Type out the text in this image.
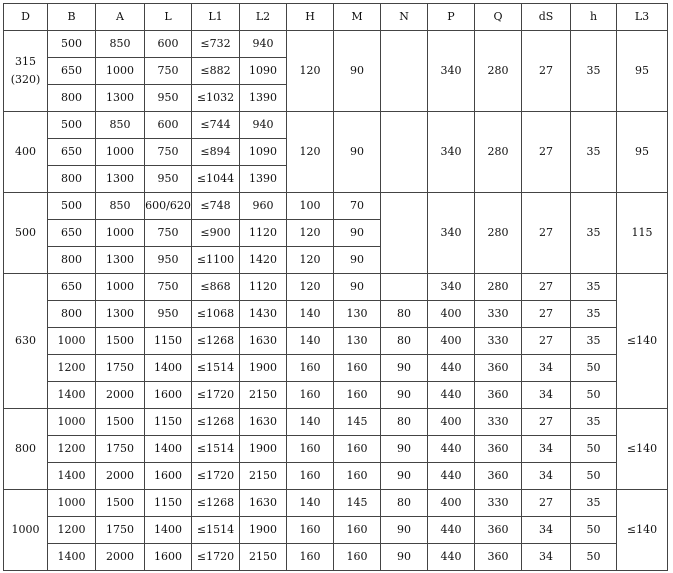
D	B	A	L	L1	L2	H	M	N	P	Q	dS	h	L3
315
(320)	500	850	600	≤732	940	120	90		340	280	27	35	95
	650	1000	750	≤882	1090								
	800	1300	950	≤1032	1390								
400	500	850	600	≤744	940	120	90		340	280	27	35	95
	650	1000	750	≤894	1090								
	800	1300	950	≤1044	1390								
500	500	850	600/620	≤748	960	100	70		340	280	27	35	115
	650	1000	750	≤900	1120	120	90						
	800	1300	950	≤1100	1420	120	90						
630	650	1000	750	≤868	1120	120	90		340	280	27	35	≤140
	800	1300	950	≤1068	1430	140	130	80	400	330	27	35	
	1000	1500	1150	≤1268	1630	140	130	80	400	330	27	35	
	1200	1750	1400	≤1514	1900	160	160	90	440	360	34	50	
	1400	2000	1600	≤1720	2150	160	160	90	440	360	34	50	
800	1000	1500	1150	≤1268	1630	140	145	80	400	330	27	35	≤140
	1200	1750	1400	≤1514	1900	160	160	90	440	360	34	50	
	1400	2000	1600	≤1720	2150	160	160	90	440	360	34	50	
1000	1000	1500	1150	≤1268	1630	140	145	80	400	330	27	35	≤140
	1200	1750	1400	≤1514	1900	160	160	90	440	360	34	50	
	1400	2000	1600	≤1720	2150	160	160	90	440	360	34	50	
